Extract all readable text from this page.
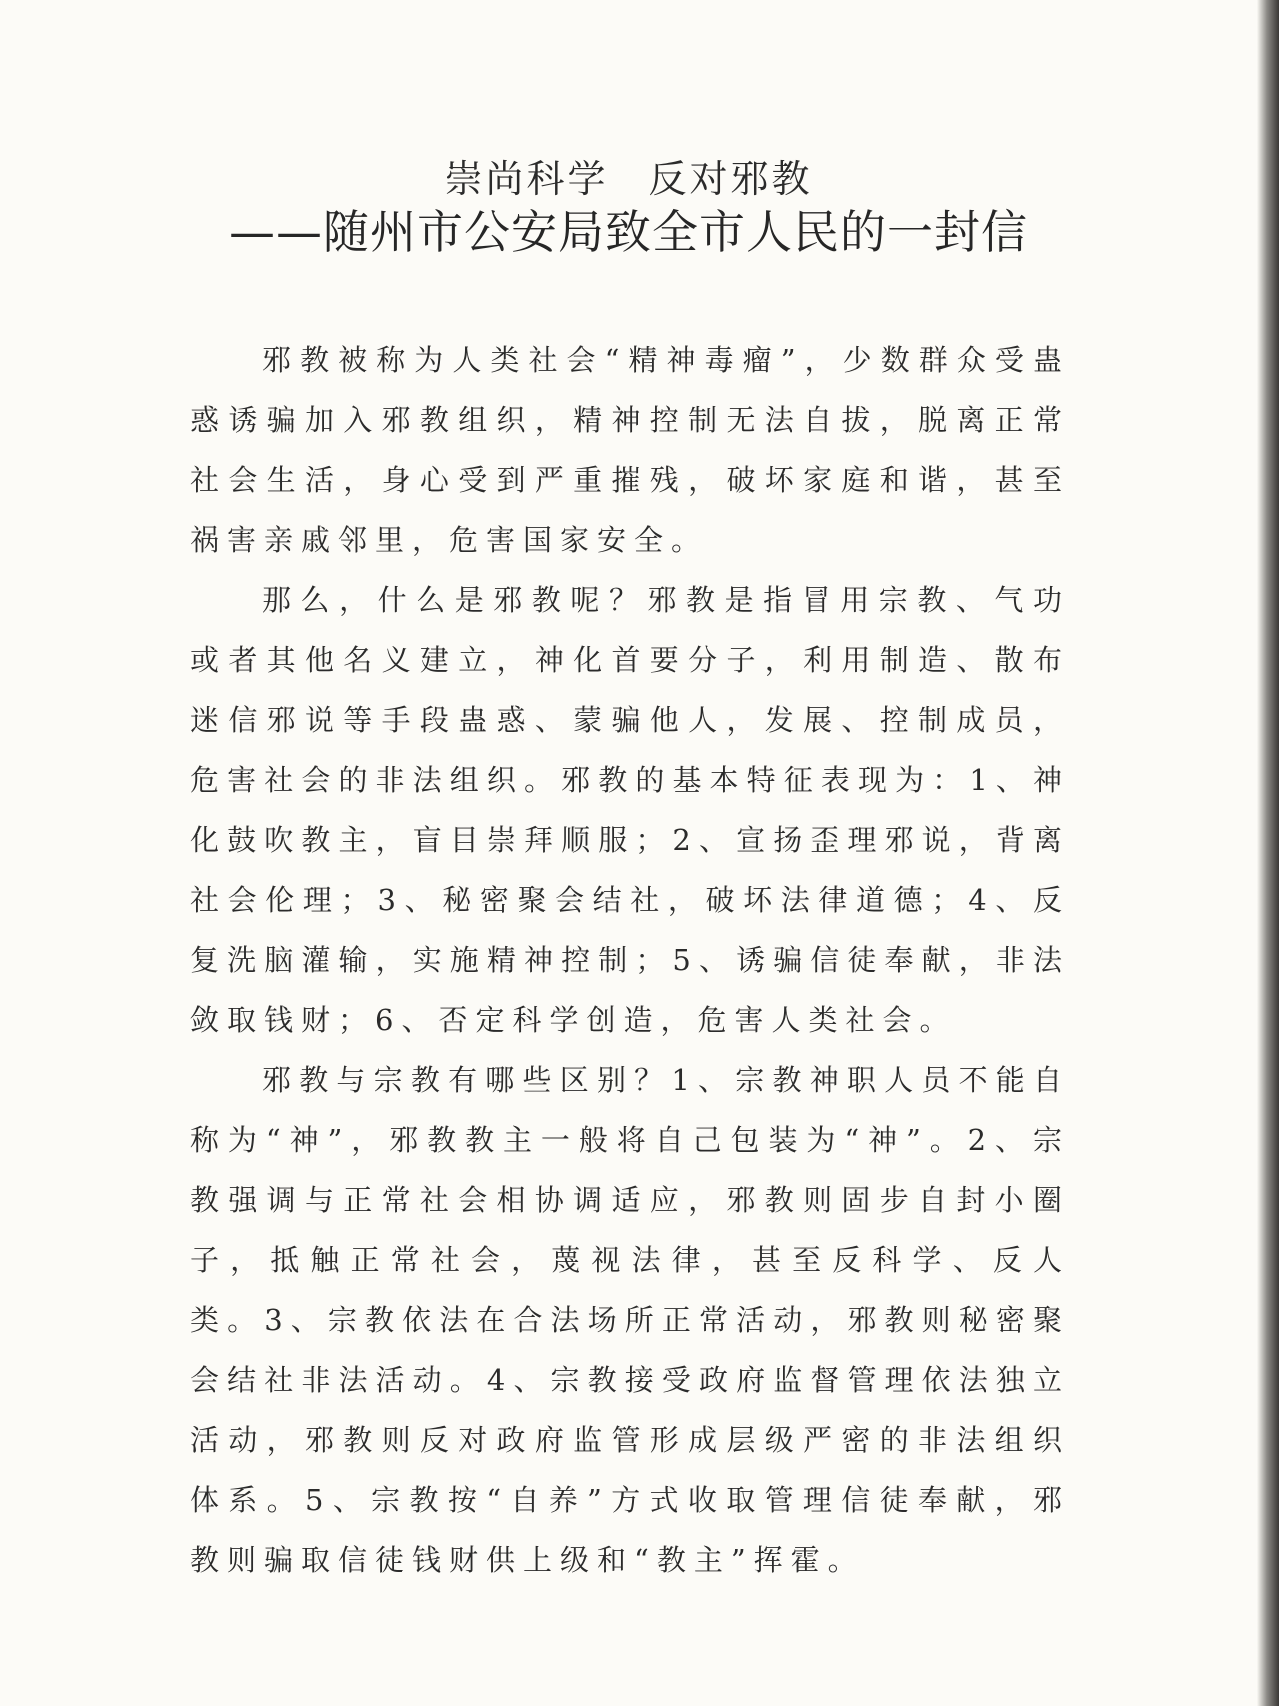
崇尚科学 反对邪教
——随州市公安局致全市人民的一封信

邪教被称为人类社会“精神毒瘤”，少数群众受蛊惑诱骗加入邪教组织，精神控制无法自拔，脱离正常社会生活，身心受到严重摧残，破坏家庭和谐，甚至祸害亲戚邻里，危害国家安全。

那么，什么是邪教呢？邪教是指冒用宗教、气功或者其他名义建立，神化首要分子，利用制造、散布迷信邪说等手段蛊惑、蒙骗他人，发展、控制成员，危害社会的非法组织。邪教的基本特征表现为：1、神化鼓吹教主，盲目崇拜顺服；2、宣扬歪理邪说，背离社会伦理；3、秘密聚会结社，破坏法律道德；4、反复洗脑灌输，实施精神控制；5、诱骗信徒奉献，非法敛取钱财；6、否定科学创造，危害人类社会。

邪教与宗教有哪些区别？1、宗教神职人员不能自称为“神”，邪教教主一般将自己包装为“神”。2、宗教强调与正常社会相协调适应，邪教则固步自封小圈子，抵触正常社会，蔑视法律，甚至反科学、反人类。3、宗教依法在合法场所正常活动，邪教则秘密聚会结社非法活动。4、宗教接受政府监督管理依法独立活动，邪教则反对政府监管形成层级严密的非法组织体系。5、宗教按“自养”方式收取管理信徒奉献，邪教则骗取信徒钱财供上级和“教主”挥霍。
